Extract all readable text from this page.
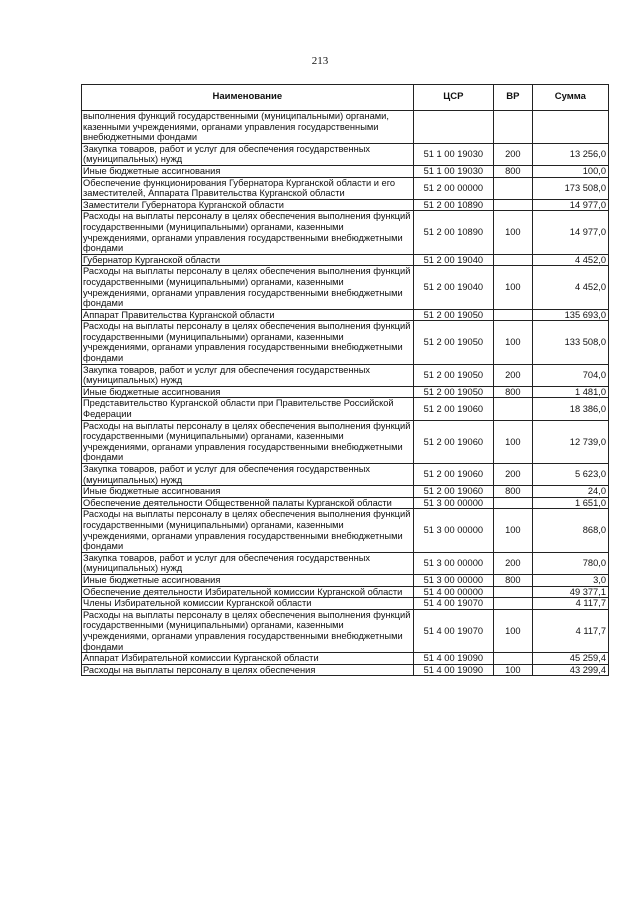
213
Наименование	ЦСР	ВР	Сумма
выполнения функций государственными (муниципальными) органами, казенными учреждениями, органами управления государственными внебюджетными фондами			
Закупка товаров, работ и услуг для обеспечения государственных (муниципальных) нужд	51 1 00 19030	200	13 256,0
Иные бюджетные ассигнования	51 1 00 19030	800	100,0
Обеспечение функционирования Губернатора Курганской области и его заместителей, Аппарата Правительства Курганской области	51 2 00 00000		173 508,0
Заместители Губернатора Курганской области	51 2 00 10890		14 977,0
Расходы на выплаты персоналу в целях обеспечения выполнения функций государственными (муниципальными) органами, казенными учреждениями, органами управления государственными внебюджетными фондами	51 2 00 10890	100	14 977,0
Губернатор Курганской области	51 2 00 19040		4 452,0
Расходы на выплаты персоналу в целях обеспечения выполнения функций государственными (муниципальными) органами, казенными учреждениями, органами управления государственными внебюджетными фондами	51 2 00 19040	100	4 452,0
Аппарат Правительства Курганской области	51 2 00 19050		135 693,0
Расходы на выплаты персоналу в целях обеспечения выполнения функций государственными (муниципальными) органами, казенными учреждениями, органами управления государственными внебюджетными фондами	51 2 00 19050	100	133 508,0
Закупка товаров, работ и услуг для обеспечения государственных (муниципальных) нужд	51 2 00 19050	200	704,0
Иные бюджетные ассигнования	51 2 00 19050	800	1 481,0
Представительство Курганской области при Правительстве Российской Федерации	51 2 00 19060		18 386,0
Расходы на выплаты персоналу в целях обеспечения выполнения функций государственными (муниципальными) органами, казенными учреждениями, органами управления государственными внебюджетными фондами	51 2 00 19060	100	12 739,0
Закупка товаров, работ и услуг для обеспечения государственных (муниципальных) нужд	51 2 00 19060	200	5 623,0
Иные бюджетные ассигнования	51 2 00 19060	800	24,0
Обеспечение деятельности Общественной палаты Курганской области	51 3 00 00000		1 651,0
Расходы на выплаты персоналу в целях обеспечения выполнения функций государственными (муниципальными) органами, казенными учреждениями, органами управления государственными внебюджетными фондами	51 3 00 00000	100	868,0
Закупка товаров, работ и услуг для обеспечения государственных (муниципальных) нужд	51 3 00 00000	200	780,0
Иные бюджетные ассигнования	51 3 00 00000	800	3,0
Обеспечение деятельности Избирательной комиссии Курганской области	51 4 00 00000		49 377,1
Члены Избирательной комиссии Курганской области	51 4 00 19070		4 117,7
Расходы на выплаты персоналу в целях обеспечения выполнения функций государственными (муниципальными) органами, казенными учреждениями, органами управления государственными внебюджетными фондами	51 4 00 19070	100	4 117,7
Аппарат Избирательной комиссии Курганской области	51 4 00 19090		45 259,4
Расходы на выплаты персоналу в целях обеспечения	51 4 00 19090	100	43 299,4
